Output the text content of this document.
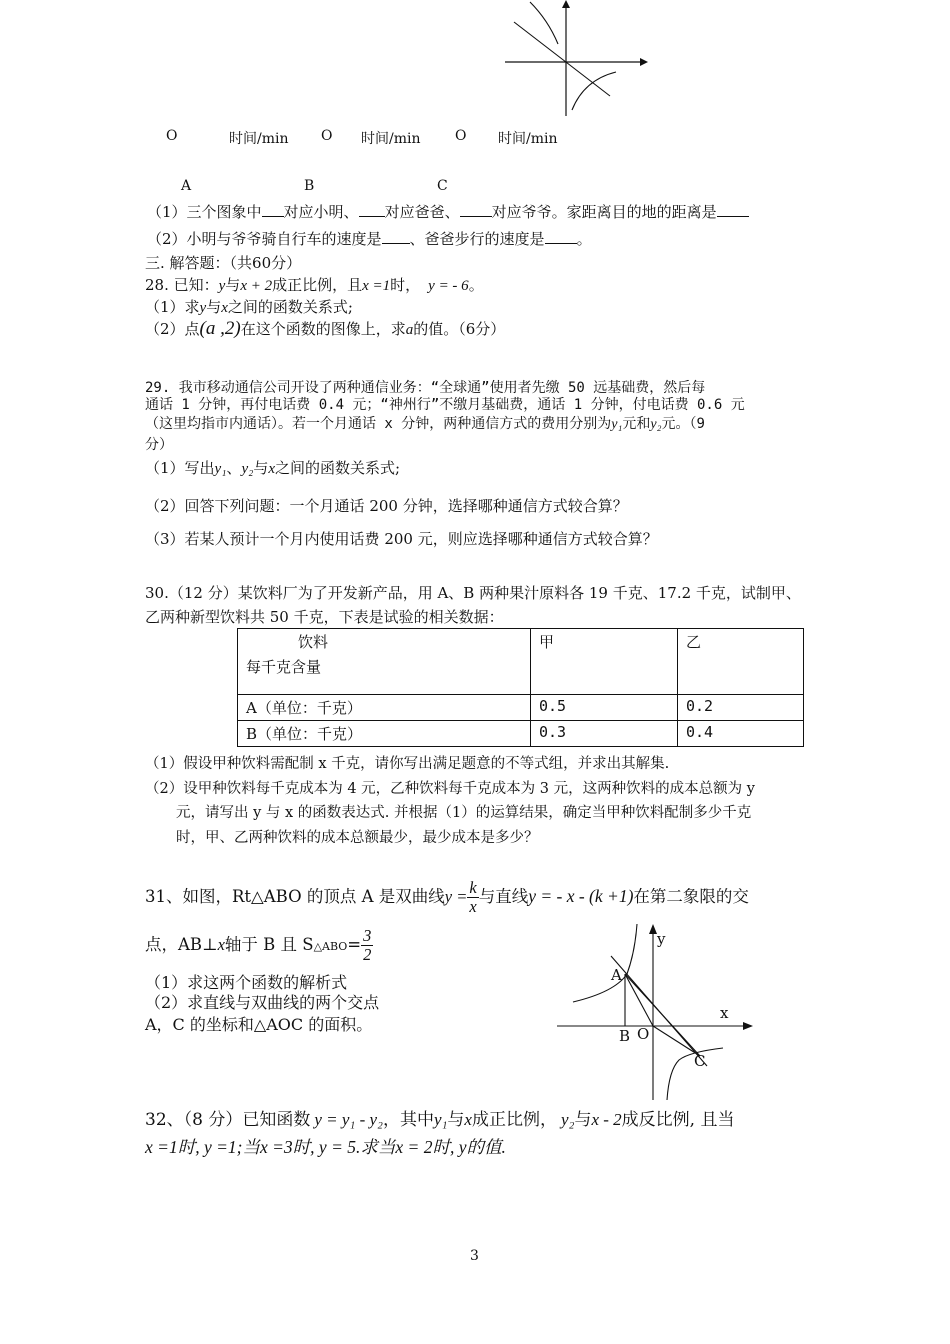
O	时间/min O 时间/min O 时间/min
A	B	C
（1）三个图象中 对应小明、 对应爸爸、 对应爷爷。家距离目的地的距离是
（2）小明与爷爷骑自行车的速度是 、爸爸步行的速度是 。
三. 解答题：（共60分）
28. 已知：y与x + 2成正比例，且x =1时， y = - 6。
（1）求y与x之间的函数关系式;
（2）点(a ,2)在这个函数的图像上，求a的值。（6分）
29. 我市移动通信公司开设了两种通信业务：“全球通”使用者先缴 50 远基础费，然后每
通话 1 分钟，再付电话费 0.4 元；“神州行”不缴月基础费，通话 1 分钟，付电话费 0.6 元
（这里均指市内通话）。若一个月通话 x 分钟，两种通信方式的费用分别为y₁元和y₂元。（9
分）
（1）写出y₁、y₂与x之间的函数关系式;
（2）回答下列问题：一个月通话 200 分钟，选择哪种通信方式较合算？
（3）若某人预计一个月内使用话费 200 元，则应选择哪种通信方式较合算？
30.（12 分）某饮料厂为了开发新产品，用 A、B 两种果汁原料各 19 千克、17.2 千克，试制甲、
乙两种新型饮料共 50 千克，下表是试验的相关数据：
饮料
每千克含量	甲	乙
A（单位：千克）	0.5	0.2
B（单位：千克）	0.3	0.4
（1）假设甲种饮料需配制 x 千克，请你写出满足题意的不等式组，并求出其解集.
（2）设甲种饮料每千克成本为 4 元，乙种饮料每千克成本为 3 元，这两种饮料的成本总额为 y
元，请写出 y 与 x 的函数表达式. 并根据（1）的运算结果，确定当甲种饮料配制多少千克
时，甲、乙两种饮料的成本总额最少，最少成本是多少？
31、如图，Rt△ABO 的顶点 A 是双曲线$y = \frac{k}{x}$ 与直线y = - x - (k +1)在第二象限的交
点，AB⊥x轴于 B 且 S△ABO= $\frac{3}{2}$
（1）求这两个函数的解析式
（2）求直线与双曲线的两个交点
A，C 的坐标和△AOC 的面积。
y
A
x
B O
C
32、（8 分）已知函数 y = y₁ - y₂，其中y₁与x成正比例， y₂与x - 2成反比例, 且当
x =1时, y =1;当x =3时, y = 5.求当x = 2时, y的值.
3
